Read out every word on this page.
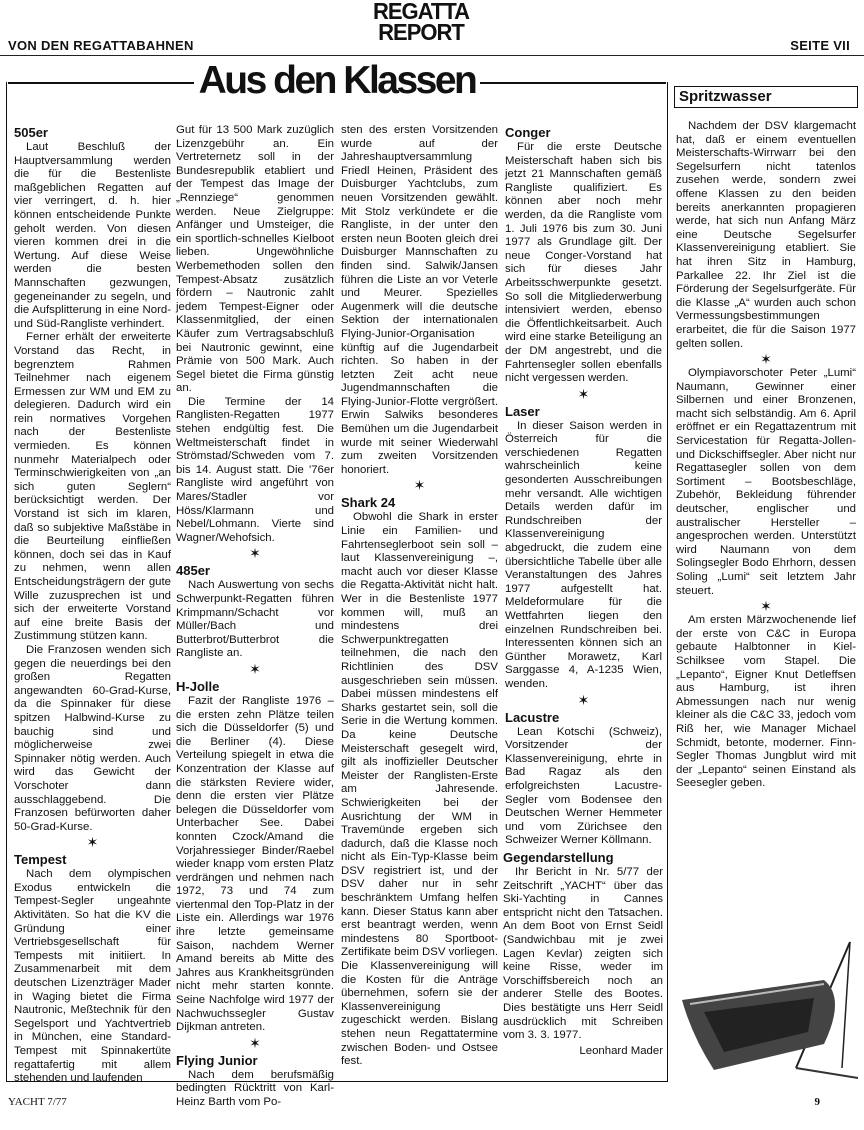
VON DEN REGATTABAHNEN
REGATTA
REPORT
SEITE VII
Aus den Klassen
505er

Laut Beschluß der Hauptversammlung werden die für die Bestenliste maßgeblichen Regatten auf vier verringert, d. h. hier können entscheidende Punkte geholt werden. Von diesen vieren kommen drei in die Wertung. Auf diese Weise werden die besten Mannschaften gezwungen, gegeneinander zu segeln, und die Aufsplitterung in eine Nord- und Süd-Rangliste verhindert.

Ferner erhält der erweiterte Vorstand das Recht, in begrenztem Rahmen Teilnehmer nach eigenem Ermessen zur WM und EM zu delegieren. Dadurch wird ein rein normatives Vorgehen nach der Bestenliste vermieden. Es können nunmehr Materialpech oder Terminschwierigkeiten von „an sich guten Seglern“ berücksichtigt werden. Der Vorstand ist sich im klaren, daß so subjektive Maßstäbe in die Beurteilung einfließen können, doch sei das in Kauf zu nehmen, wenn allen Entscheidungsträgern der gute Wille zuzusprechen ist und sich der erweiterte Vorstand auf eine breite Basis der Zustimmung stützen kann.

Die Franzosen wenden sich gegen die neuerdings bei den großen Regatten angewandten 60-Grad-Kurse, da die Spinnaker für diese spitzen Halbwind-Kurse zu bauchig sind und möglicherweise zwei Spinnaker nötig werden. Auch wird das Gewicht der Vorschoter dann ausschlaggebend. Die Franzosen befürworten daher 50-Grad-Kurse.

✶
Tempest

Nach dem olympischen Exodus entwickeln die Tempest-Segler ungeahnte Aktivitäten. So hat die KV die Gründung einer Vertriebsgesellschaft für Tempests mit initiiert. In Zusammenarbeit mit dem deutschen Lizenzträger Mader in Waging bietet die Firma Nautronic, Meßtechnik für den Segelsport und Yachtvertrieb in München, eine Standard-Tempest mit Spinnakertüte regattafertig mit allem stehenden und laufenden

Gut für 13 500 Mark zuzüglich Lizenzgebühr an. Ein Vertreternetz soll in der Bundesrepublik etabliert und der Tempest das Image der „Rennziege“ genommen werden. Neue Zielgruppe: Anfänger und Umsteiger, die ein sportlich-schnelles Kielboot lieben. Ungewöhnliche Werbemethoden sollen den Tempest-Absatz zusätzlich fördern – Nautronic zahlt jedem Tempest-Eigner oder Klassenmitglied, der einen Käufer zum Vertragsabschluß bei Nautronic gewinnt, eine Prämie von 500 Mark. Auch Segel bietet die Firma günstig an.

Die Termine der 14 Ranglisten-Regatten 1977 stehen endgültig fest. Die Weltmeisterschaft findet in Strömstad/Schweden vom 7. bis 14. August statt. Die '76er Rangliste wird angeführt von Mares/Stadler vor Höss/Klarmann und Nebel/Lohmann. Vierte sind Wagner/Wehofsich.

✶
485er

Nach Auswertung von sechs Schwerpunkt-Regatten führen Krimpmann/Schacht vor Müller/Bach und Butterbrot/Butterbrot die Rangliste an.

✶
H-Jolle

Fazit der Rangliste 1976 – die ersten zehn Plätze teilen sich die Düsseldorfer (5) und die Berliner (4). Diese Verteilung spiegelt in etwa die Konzentration der Klasse auf die stärksten Reviere wider, denn die ersten vier Plätze belegen die Düsseldorfer vom Unterbacher See. Dabei konnten Czock/Amand die Vorjahressieger Binder/Raebel wieder knapp vom ersten Platz verdrängen und nehmen nach 1972, 73 und 74 zum viertenmal den Top-Platz in der Liste ein. Allerdings war 1976 ihre letzte gemeinsame Saison, nachdem Werner Amand bereits ab Mitte des Jahres aus Krankheitsgründen nicht mehr starten konnte. Seine Nachfolge wird 1977 der Nachwuchssegler Gustav Dijkman antreten.

✶
Flying Junior

Nach dem berufsmäßig bedingten Rücktritt von Karl-Heinz Barth vom Po-

sten des ersten Vorsitzenden wurde auf der Jahreshauptversammlung Friedl Heinen, Präsident des Duisburger Yachtclubs, zum neuen Vorsitzenden gewählt. Mit Stolz verkündete er die Rangliste, in der unter den ersten neun Booten gleich drei Duisburger Mannschaften zu finden sind. Salwik/Jansen führen die Liste an vor Veterle und Meurer. Spezielles Augenmerk will die deutsche Sektion der internationalen Flying-Junior-Organisation künftig auf die Jugendarbeit richten. So haben in der letzten Zeit acht neue Jugendmannschaften die Flying-Junior-Flotte vergrößert. Erwin Salwiks besonderes Bemühen um die Jugendarbeit wurde mit seiner Wiederwahl zum zweiten Vorsitzenden honoriert.

✶
Shark 24

Obwohl die Shark in erster Linie ein Familien- und Fahrtenseglerboot sein soll – laut Klassenvereinigung –, macht auch vor dieser Klasse die Regatta-Aktivität nicht halt. Wer in die Bestenliste 1977 kommen will, muß an mindestens drei Schwerpunktregatten teilnehmen, die nach den Richtlinien des DSV ausgeschrieben sein müssen. Dabei müssen mindestens elf Sharks gestartet sein, soll die Serie in die Wertung kommen. Da keine Deutsche Meisterschaft gesegelt wird, gilt als inoffizieller Deutscher Meister der Ranglisten-Erste am Jahresende. Schwierigkeiten bei der Ausrichtung der WM in Travemünde ergeben sich dadurch, daß die Klasse noch nicht als Ein-Typ-Klasse beim DSV registriert ist, und der DSV daher nur in sehr beschränktem Umfang helfen kann. Dieser Status kann aber erst beantragt werden, wenn mindestens 80 Sportboot-Zertifikate beim DSV vorliegen. Die Klassenvereinigung will die Kosten für die Anträge übernehmen, sofern sie der Klassenvereinigung zugeschickt werden. Bislang stehen neun Regattatermine zwischen Boden- und Ostsee fest.

Conger

Für die erste Deutsche Meisterschaft haben sich bis jetzt 21 Mannschaften gemäß Rangliste qualifiziert. Es können aber noch mehr werden, da die Rangliste vom 1. Juli 1976 bis zum 30. Juni 1977 als Grundlage gilt. Der neue Conger-Vorstand hat sich für dieses Jahr Arbeitsschwerpunkte gesetzt. So soll die Mitgliederwerbung intensiviert werden, ebenso die Öffentlichkeitsarbeit. Auch wird eine starke Beteiligung an der DM angestrebt, und die Fahrtensegler sollen ebenfalls nicht vergessen werden.

✶
Laser

In dieser Saison werden in Österreich für die verschiedenen Regatten wahrscheinlich keine gesonderten Ausschreibungen mehr versandt. Alle wichtigen Details werden dafür im Rundschreiben der Klassenvereinigung abgedruckt, die zudem eine übersichtliche Tabelle über alle Veranstaltungen des Jahres 1977 aufgestellt hat. Meldeformulare für die Wettfahrten liegen den einzelnen Rundschreiben bei. Interessenten können sich an Günther Morawetz, Karl Sarggasse 4, A-1235 Wien, wenden.

✶
Lacustre

Lean Kotschi (Schweiz), Vorsitzender der Klassenvereinigung, ehrte in Bad Ragaz als den erfolgreichsten Lacustre-Segler vom Bodensee den Deutschen Werner Hemmeter und vom Zürichsee den Schweizer Werner Köllmann.

Gegendarstellung

Ihr Bericht in Nr. 5/77 der Zeitschrift „YACHT“ über das Ski-Yachting in Cannes entspricht nicht den Tatsachen. An dem Boot von Ernst Seidl (Sandwichbau mit je zwei Lagen Kevlar) zeigten sich keine Risse, weder im Vorschiffsbereich noch an anderer Stelle des Bootes. Dies bestätigte uns Herr Seidl ausdrücklich mit Schreiben vom 3. 3. 1977.

Leonhard Mader
Spritzwasser

Nachdem der DSV klargemacht hat, daß er einem eventuellen Meisterschafts-Wirrwarr bei den Segelsurfern nicht tatenlos zusehen werde, sondern zwei offene Klassen zu den beiden bereits anerkannten propagieren werde, hat sich nun Anfang März eine Deutsche Segelsurfer Klassenvereinigung etabliert. Sie hat ihren Sitz in Hamburg, Parkallee 22. Ihr Ziel ist die Förderung der Segelsurfgeräte. Für die Klasse „A“ wurden auch schon Vermessungsbestimmungen erarbeitet, die für die Saison 1977 gelten sollen.

✶

Olympiavorschoter Peter „Lumi“ Naumann, Gewinner einer Silbernen und einer Bronzenen, macht sich selbständig. Am 6. April eröffnet er ein Regattazentrum mit Servicestation für Regatta-Jollen- und Dickschiffsegler. Aber nicht nur Regattasegler sollen von dem Sortiment – Bootsbeschläge, Zubehör, Bekleidung führender deutscher, englischer und australischer Hersteller – angesprochen werden. Unterstützt wird Naumann von dem Solingsegler Bodo Ehrhorn, dessen Soling „Lumi“ seit letztem Jahr steuert.

✶

Am ersten Märzwochenende lief der erste von C&C in Europa gebaute Halbtonner in Kiel-Schilksee vom Stapel. Die „Lepanto“, Eigner Knut Detleffsen aus Hamburg, ist ihren Abmessungen nach nur wenig kleiner als die C&C 33, jedoch vom Riß her, wie Manager Michael Schmidt, betonte, moderner. Finn-Segler Thomas Jungblut wird mit der „Lepanto“ seinen Einstand als Seesegler geben.

YACHT 7/77	9
